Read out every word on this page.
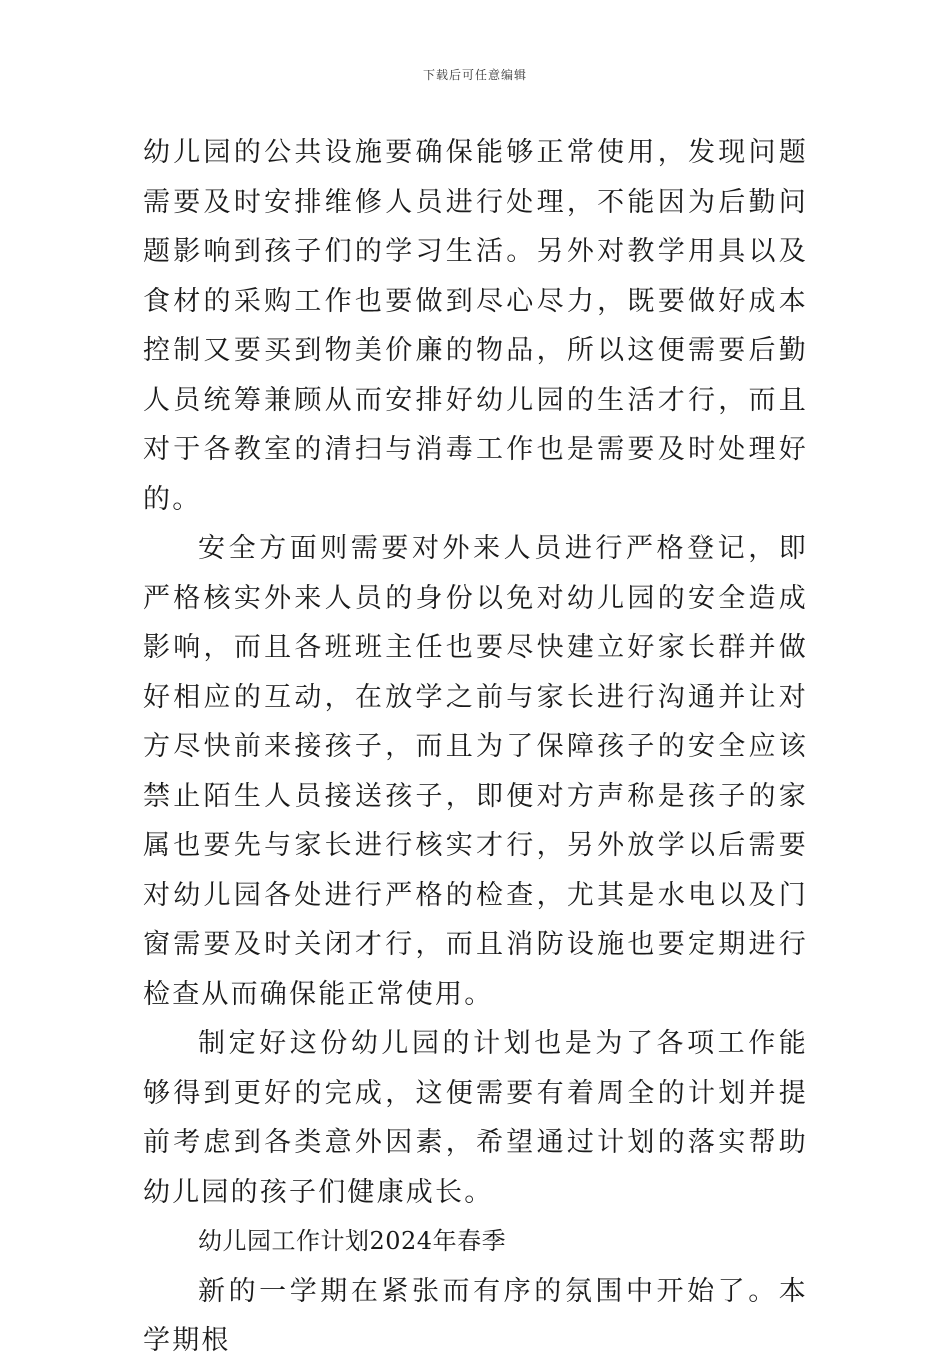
下载后可任意编辑

幼儿园的公共设施要确保能够正常使用，发现问题需要及时安排维修人员进行处理，不能因为后勤问题影响到孩子们的学习生活。另外对教学用具以及食材的采购工作也要做到尽心尽力，既要做好成本控制又要买到物美价廉的物品，所以这便需要后勤人员统筹兼顾从而安排好幼儿园的生活才行，而且对于各教室的清扫与消毒工作也是需要及时处理好的。

安全方面则需要对外来人员进行严格登记，即严格核实外来人员的身份以免对幼儿园的安全造成影响，而且各班班主任也要尽快建立好家长群并做好相应的互动，在放学之前与家长进行沟通并让对方尽快前来接孩子，而且为了保障孩子的安全应该禁止陌生人员接送孩子，即便对方声称是孩子的家属也要先与家长进行核实才行，另外放学以后需要对幼儿园各处进行严格的检查，尤其是水电以及门窗需要及时关闭才行，而且消防设施也要定期进行检查从而确保能正常使用。

制定好这份幼儿园的计划也是为了各项工作能够得到更好的完成，这便需要有着周全的计划并提前考虑到各类意外因素，希望通过计划的落实帮助幼儿园的孩子们健康成长。

幼儿园工作计划2024年春季

新的一学期在紧张而有序的氛围中开始了。本学期根
